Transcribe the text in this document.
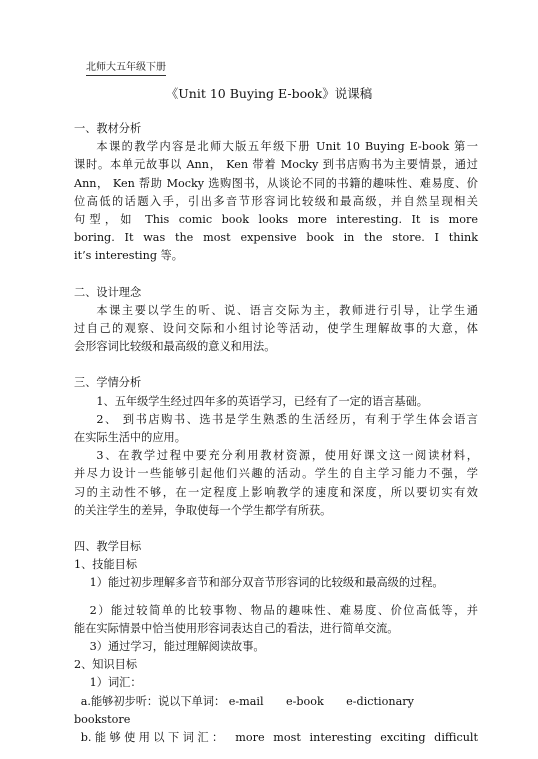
北师大五年级下册
《Unit 10 Buying E-book》说课稿

一、教材分析

本课的教学内容是北师大版五年级下册 Unit 10 Buying E-book 第一

课时。本单元故事以 Ann， Ken 带着 Mocky 到书店购书为主要情景，通过

Ann， Ken 帮助 Mocky 选购图书，从谈论不同的书籍的趣味性、难易度、价

位高低的话题入手，引出多音节形容词比较级和最高级，并自然呈现相关

句型，如 This comic book looks more interesting. It is more

boring. It was the most expensive book in the store. I think

it’s interesting 等。

二、设计理念

本课主要以学生的听、说、语言交际为主，教师进行引导，让学生通

过自己的观察、设问交际和小组讨论等活动，使学生理解故事的大意，体

会形容词比较级和最高级的意义和用法。

三、学情分析

1、五年级学生经过四年多的英语学习，已经有了一定的语言基础。

2、 到书店购书、选书是学生熟悉的生活经历，有利于学生体会语言

在实际生活中的应用。

3、在教学过程中要充分利用教材资源，使用好课文这一阅读材料，

并尽力设计一些能够引起他们兴趣的活动。学生的自主学习能力不强，学

习的主动性不够，在一定程度上影响教学的速度和深度，所以要切实有效

的关注学生的差异，争取使每一个学生都学有所获。

四、教学目标

1、技能目标

1）能过初步理解多音节和部分双音节形容词的比较级和最高级的过程。

2）能过较简单的比较事物、物品的趣味性、难易度、价位高低等，并

能在实际情景中恰当使用形容词表达自己的看法，进行简单交流。

3）通过学习，能过理解阅读故事。

2、知识目标

1）词汇：

a.能够初步听：说以下单词： e-mail　　e-book　　e-dictionary

bookstore

b.能够使用以下词汇： more most interesting exciting difficult
